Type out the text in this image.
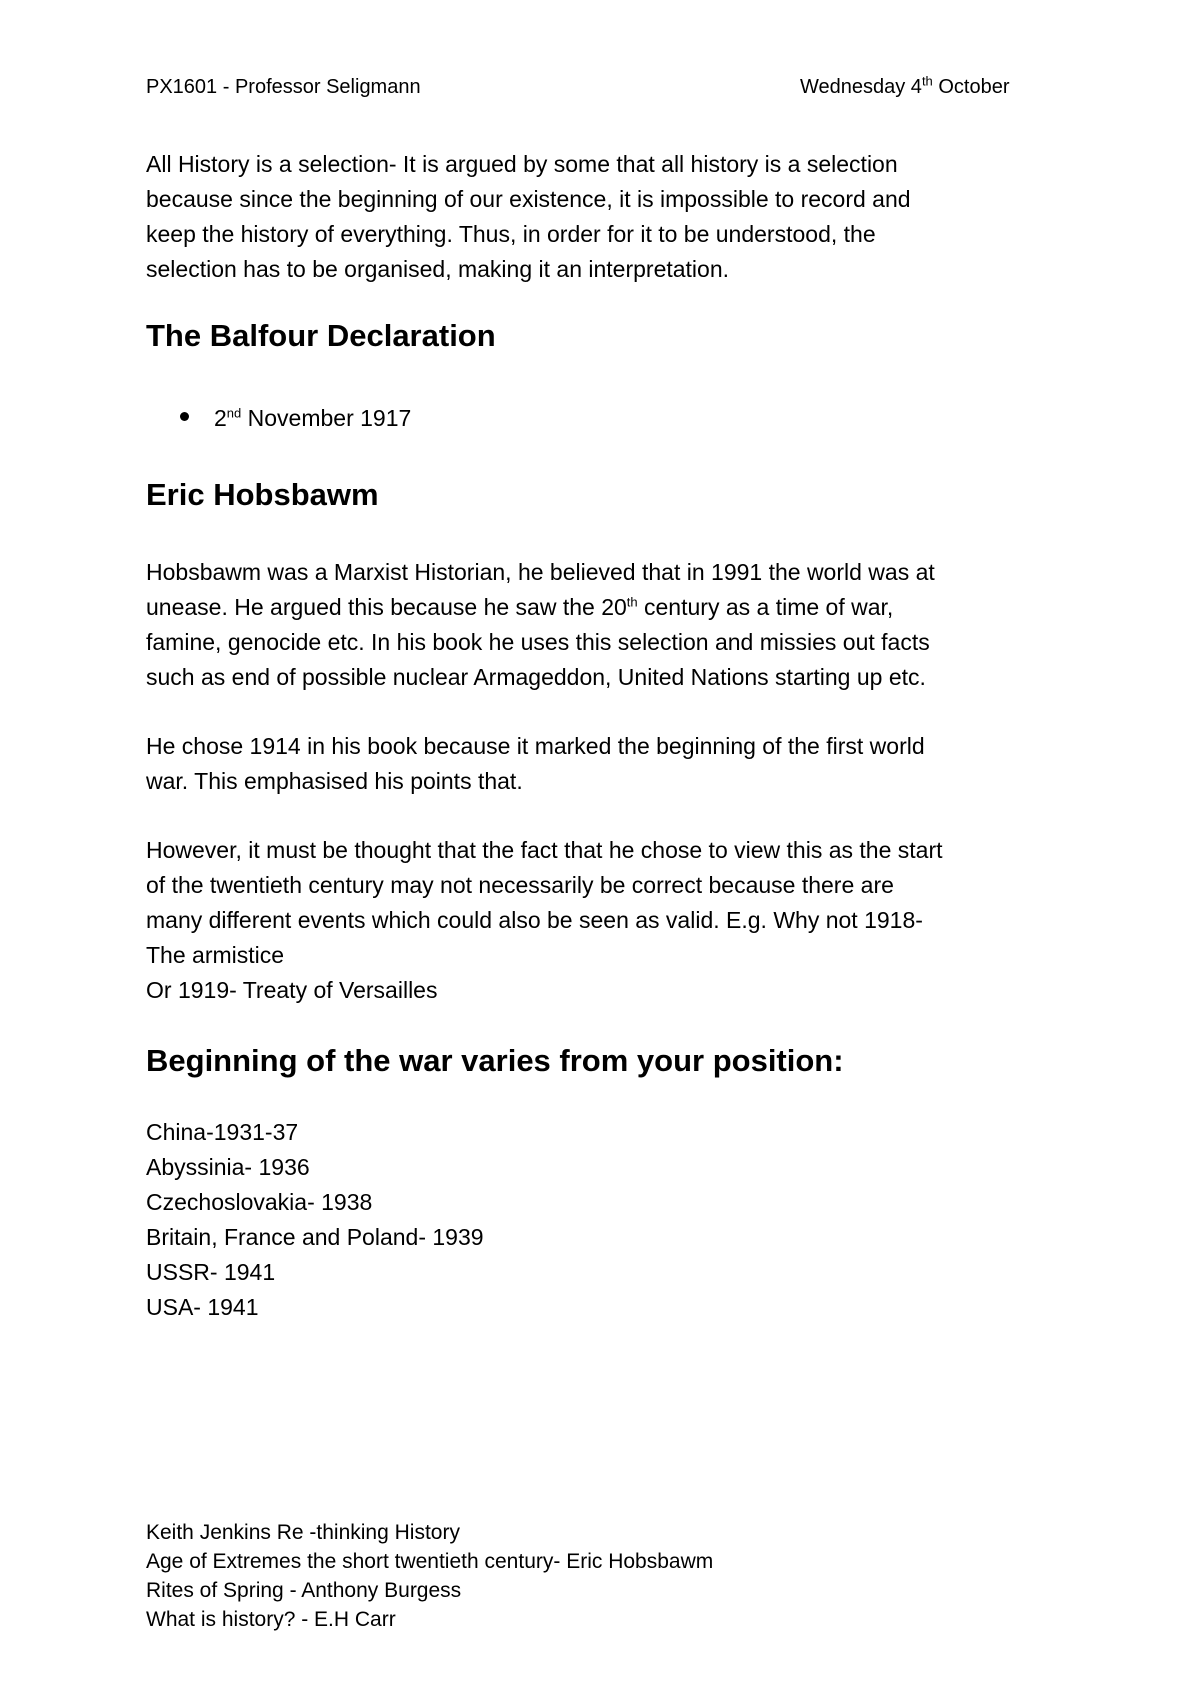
PX1601 - Professor Seligmann	Wednesday 4th October
All History is a selection- It is argued by some that all history is a selection
because since the beginning of our existence, it is impossible to record and
keep the history of everything. Thus, in order for it to be understood, the
selection has to be organised, making it an interpretation.
The Balfour Declaration
2nd November 1917
Eric Hobsbawm
Hobsbawm was a Marxist Historian, he believed that in 1991 the world was at
unease. He argued this because he saw the 20th century as a time of war,
famine, genocide etc. In his book he uses this selection and missies out facts
such as end of possible nuclear Armageddon, United Nations starting up etc.
He chose 1914 in his book because it marked the beginning of the first world
war. This emphasised his points that.
However, it must be thought that the fact that he chose to view this as the start
of the twentieth century may not necessarily be correct because there are
many different events which could also be seen as valid. E.g. Why not 1918-
The armistice
Or 1919- Treaty of Versailles
Beginning of the war varies from your position:
China-1931-37
Abyssinia- 1936
Czechoslovakia- 1938
Britain, France and Poland- 1939
USSR- 1941
USA- 1941
Keith Jenkins Re -thinking History
Age of Extremes the short twentieth century- Eric Hobsbawm
Rites of Spring - Anthony Burgess
What is history? - E.H Carr
